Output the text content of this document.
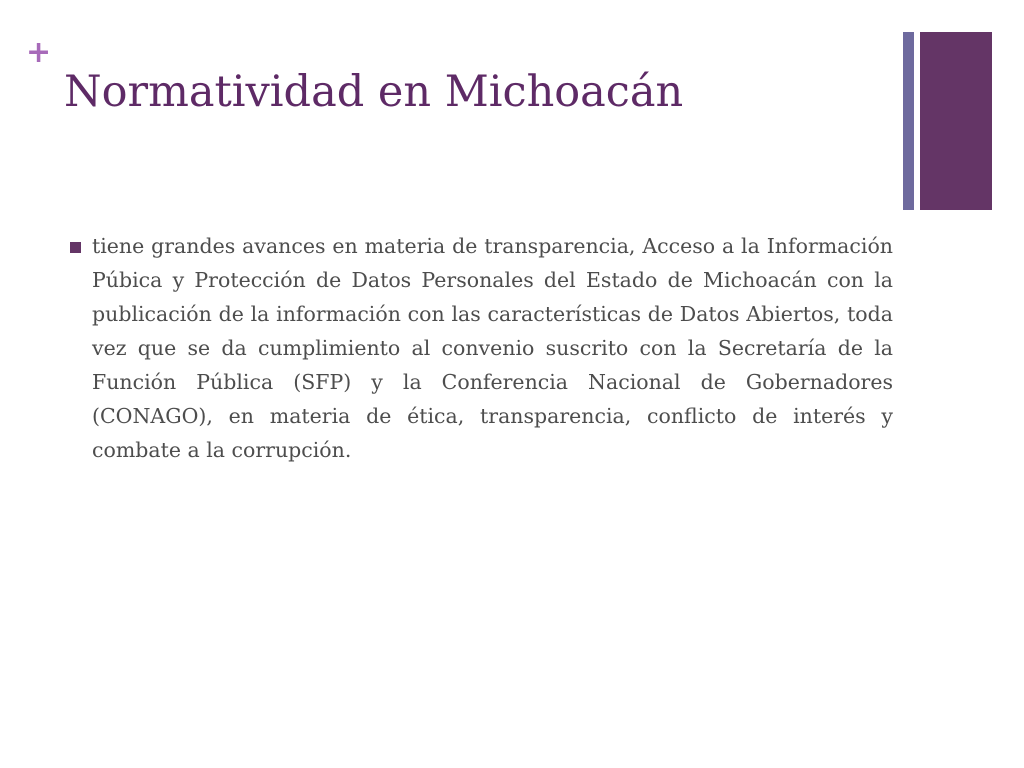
+
Normatividad en Michoacán
tiene grandes avances en materia de transparencia, Acceso a la Información Púbica y Protección de Datos Personales del Estado de Michoacán con la publicación de la información con las características de Datos Abiertos, toda vez que se da cumplimiento al convenio suscrito con la Secretaría de la Función Pública (SFP) y la Conferencia Nacional de Gobernadores (CONAGO), en materia de ética, transparencia, conflicto de interés y combate a la corrupción.
